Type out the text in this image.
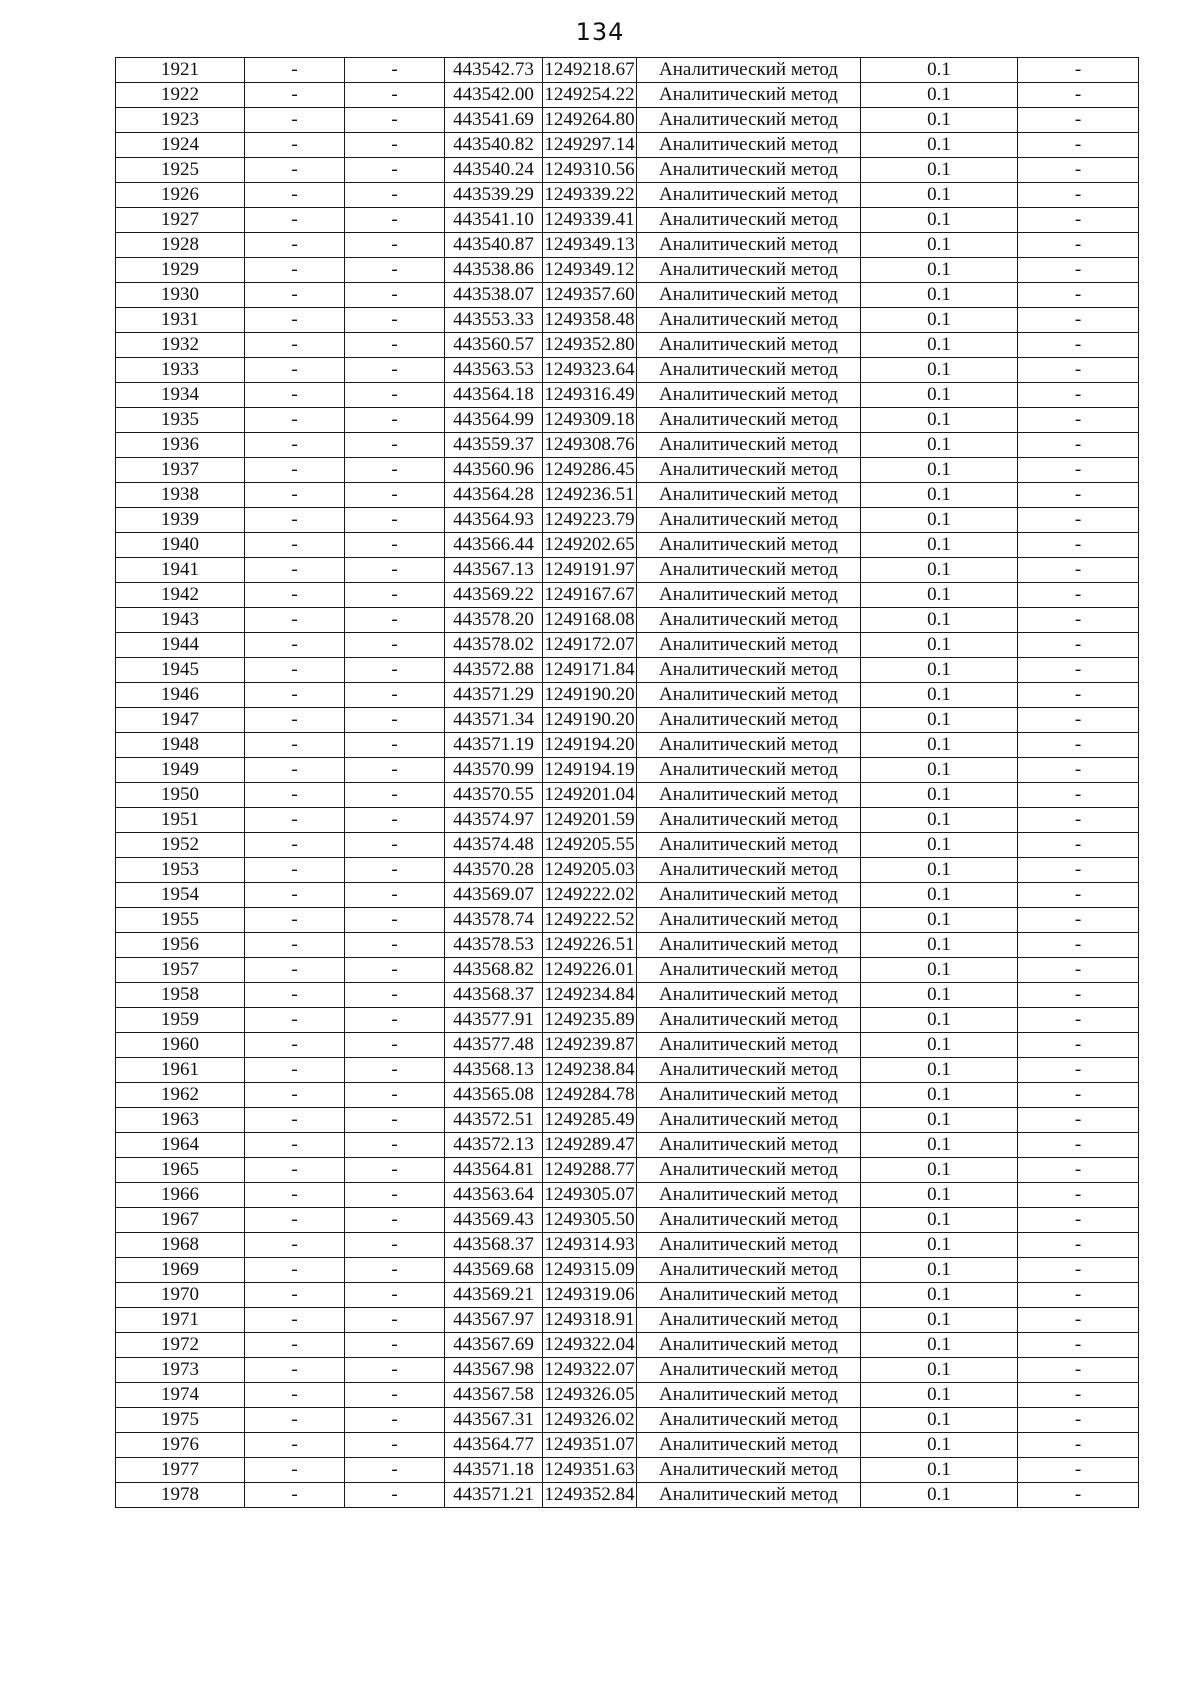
134
1921	-	-	443542.73	1249218.67	Аналитический метод	0.1	-
1922	-	-	443542.00	1249254.22	Аналитический метод	0.1	-
1923	-	-	443541.69	1249264.80	Аналитический метод	0.1	-
1924	-	-	443540.82	1249297.14	Аналитический метод	0.1	-
1925	-	-	443540.24	1249310.56	Аналитический метод	0.1	-
1926	-	-	443539.29	1249339.22	Аналитический метод	0.1	-
1927	-	-	443541.10	1249339.41	Аналитический метод	0.1	-
1928	-	-	443540.87	1249349.13	Аналитический метод	0.1	-
1929	-	-	443538.86	1249349.12	Аналитический метод	0.1	-
1930	-	-	443538.07	1249357.60	Аналитический метод	0.1	-
1931	-	-	443553.33	1249358.48	Аналитический метод	0.1	-
1932	-	-	443560.57	1249352.80	Аналитический метод	0.1	-
1933	-	-	443563.53	1249323.64	Аналитический метод	0.1	-
1934	-	-	443564.18	1249316.49	Аналитический метод	0.1	-
1935	-	-	443564.99	1249309.18	Аналитический метод	0.1	-
1936	-	-	443559.37	1249308.76	Аналитический метод	0.1	-
1937	-	-	443560.96	1249286.45	Аналитический метод	0.1	-
1938	-	-	443564.28	1249236.51	Аналитический метод	0.1	-
1939	-	-	443564.93	1249223.79	Аналитический метод	0.1	-
1940	-	-	443566.44	1249202.65	Аналитический метод	0.1	-
1941	-	-	443567.13	1249191.97	Аналитический метод	0.1	-
1942	-	-	443569.22	1249167.67	Аналитический метод	0.1	-
1943	-	-	443578.20	1249168.08	Аналитический метод	0.1	-
1944	-	-	443578.02	1249172.07	Аналитический метод	0.1	-
1945	-	-	443572.88	1249171.84	Аналитический метод	0.1	-
1946	-	-	443571.29	1249190.20	Аналитический метод	0.1	-
1947	-	-	443571.34	1249190.20	Аналитический метод	0.1	-
1948	-	-	443571.19	1249194.20	Аналитический метод	0.1	-
1949	-	-	443570.99	1249194.19	Аналитический метод	0.1	-
1950	-	-	443570.55	1249201.04	Аналитический метод	0.1	-
1951	-	-	443574.97	1249201.59	Аналитический метод	0.1	-
1952	-	-	443574.48	1249205.55	Аналитический метод	0.1	-
1953	-	-	443570.28	1249205.03	Аналитический метод	0.1	-
1954	-	-	443569.07	1249222.02	Аналитический метод	0.1	-
1955	-	-	443578.74	1249222.52	Аналитический метод	0.1	-
1956	-	-	443578.53	1249226.51	Аналитический метод	0.1	-
1957	-	-	443568.82	1249226.01	Аналитический метод	0.1	-
1958	-	-	443568.37	1249234.84	Аналитический метод	0.1	-
1959	-	-	443577.91	1249235.89	Аналитический метод	0.1	-
1960	-	-	443577.48	1249239.87	Аналитический метод	0.1	-
1961	-	-	443568.13	1249238.84	Аналитический метод	0.1	-
1962	-	-	443565.08	1249284.78	Аналитический метод	0.1	-
1963	-	-	443572.51	1249285.49	Аналитический метод	0.1	-
1964	-	-	443572.13	1249289.47	Аналитический метод	0.1	-
1965	-	-	443564.81	1249288.77	Аналитический метод	0.1	-
1966	-	-	443563.64	1249305.07	Аналитический метод	0.1	-
1967	-	-	443569.43	1249305.50	Аналитический метод	0.1	-
1968	-	-	443568.37	1249314.93	Аналитический метод	0.1	-
1969	-	-	443569.68	1249315.09	Аналитический метод	0.1	-
1970	-	-	443569.21	1249319.06	Аналитический метод	0.1	-
1971	-	-	443567.97	1249318.91	Аналитический метод	0.1	-
1972	-	-	443567.69	1249322.04	Аналитический метод	0.1	-
1973	-	-	443567.98	1249322.07	Аналитический метод	0.1	-
1974	-	-	443567.58	1249326.05	Аналитический метод	0.1	-
1975	-	-	443567.31	1249326.02	Аналитический метод	0.1	-
1976	-	-	443564.77	1249351.07	Аналитический метод	0.1	-
1977	-	-	443571.18	1249351.63	Аналитический метод	0.1	-
1978	-	-	443571.21	1249352.84	Аналитический метод	0.1	-
